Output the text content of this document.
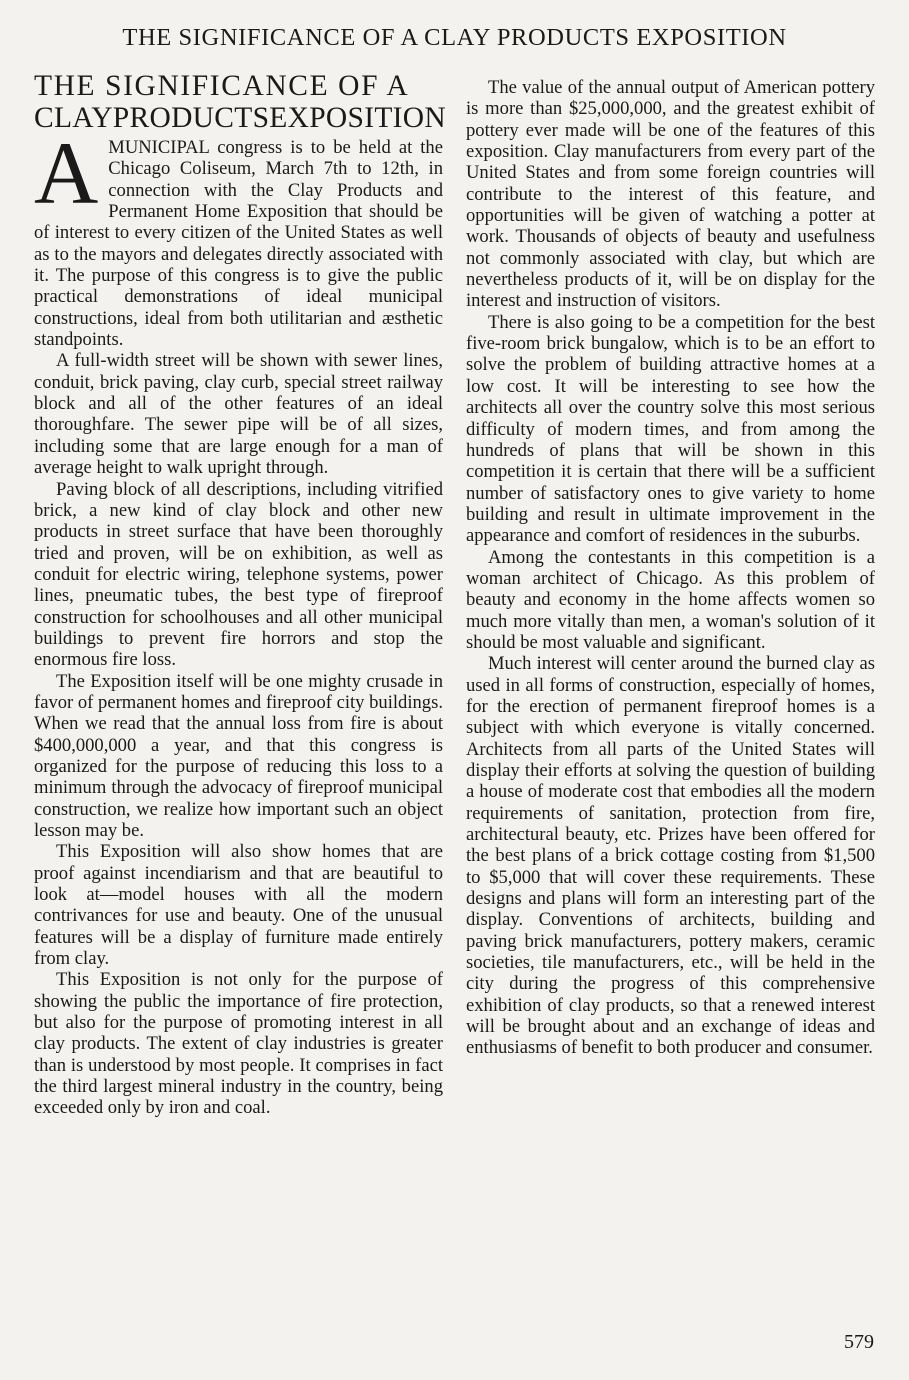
THE SIGNIFICANCE OF A CLAY PRODUCTS EXPOSITION
THE SIGNIFICANCE OF A
CLAYPRODUCTSEXPOSITION

A MUNICIPAL congress is to be held at the Chicago Coliseum, March 7th to 12th, in connection with the Clay Products and Permanent Home Exposition that should be of interest to every citizen of the United States as well as to the mayors and delegates directly associated with it. The purpose of this congress is to give the public practical demonstrations of ideal municipal constructions, ideal from both utilitarian and æsthetic standpoints.

A full-width street will be shown with sewer lines, conduit, brick paving, clay curb, special street railway block and all of the other features of an ideal thoroughfare. The sewer pipe will be of all sizes, including some that are large enough for a man of average height to walk upright through.

Paving block of all descriptions, including vitrified brick, a new kind of clay block and other new products in street surface that have been thoroughly tried and proven, will be on exhibition, as well as conduit for electric wiring, telephone systems, power lines, pneumatic tubes, the best type of fireproof construction for schoolhouses and all other municipal buildings to prevent fire horrors and stop the enormous fire loss.

The Exposition itself will be one mighty crusade in favor of permanent homes and fireproof city buildings. When we read that the annual loss from fire is about $400,000,000 a year, and that this congress is organized for the purpose of reducing this loss to a minimum through the advocacy of fireproof municipal construction, we realize how important such an object lesson may be.

This Exposition will also show homes that are proof against incendiarism and that are beautiful to look at—model houses with all the modern contrivances for use and beauty. One of the unusual features will be a display of furniture made entirely from clay.

This Exposition is not only for the purpose of showing the public the importance of fire protection, but also for the purpose of promoting interest in all clay products. The extent of clay industries is greater than is understood by most people. It comprises in fact the third largest mineral industry in the country, being exceeded only by iron and coal.

The value of the annual output of American pottery is more than $25,000,000, and the greatest exhibit of pottery ever made will be one of the features of this exposition. Clay manufacturers from every part of the United States and from some foreign countries will contribute to the interest of this feature, and opportunities will be given of watching a potter at work. Thousands of objects of beauty and usefulness not commonly associated with clay, but which are nevertheless products of it, will be on display for the interest and instruction of visitors.

There is also going to be a competition for the best five-room brick bungalow, which is to be an effort to solve the problem of building attractive homes at a low cost. It will be interesting to see how the architects all over the country solve this most serious difficulty of modern times, and from among the hundreds of plans that will be shown in this competition it is certain that there will be a sufficient number of satisfactory ones to give variety to home building and result in ultimate improvement in the appearance and comfort of residences in the suburbs.

Among the contestants in this competition is a woman architect of Chicago. As this problem of beauty and economy in the home affects women so much more vitally than men, a woman's solution of it should be most valuable and significant.

Much interest will center around the burned clay as used in all forms of construction, especially of homes, for the erection of permanent fireproof homes is a subject with which everyone is vitally concerned. Architects from all parts of the United States will display their efforts at solving the question of building a house of moderate cost that embodies all the modern requirements of sanitation, protection from fire, architectural beauty, etc. Prizes have been offered for the best plans of a brick cottage costing from $1,500 to $5,000 that will cover these requirements. These designs and plans will form an interesting part of the display. Conventions of architects, building and paving brick manufacturers, pottery makers, ceramic societies, tile manufacturers, etc., will be held in the city during the progress of this comprehensive exhibition of clay products, so that a renewed interest will be brought about and an exchange of ideas and enthusiasms of benefit to both producer and consumer.

579
